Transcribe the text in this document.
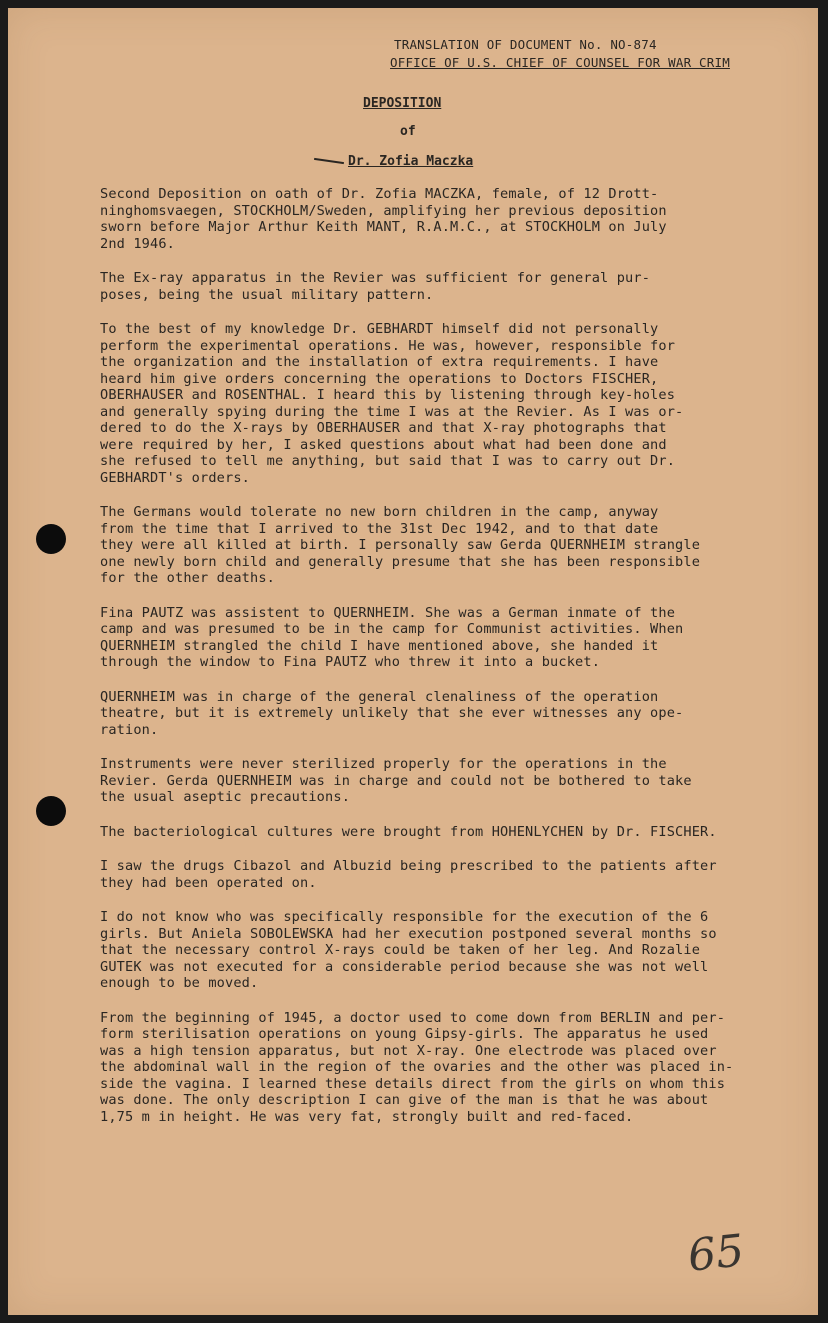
TRANSLATION OF DOCUMENT No. NO-874
OFFICE OF U.S. CHIEF OF COUNSEL FOR WAR CRIM
DEPOSITION
of
Dr. Zofia Maczka

Second Deposition on oath of Dr. Zofia MACZKA, female, of 12 Drott-
ninghomsvaegen, STOCKHOLM/Sweden, amplifying her previous deposition
sworn before Major Arthur Keith MANT, R.A.M.C., at STOCKHOLM on July
2nd 1946.

The Ex-ray apparatus in the Revier was sufficient for general pur-
poses, being the usual military pattern.

To the best of my knowledge Dr. GEBHARDT himself did not personally
perform the experimental operations. He was, however, responsible for
the organization and the installation of extra requirements. I have
heard him give orders concerning the operations to Doctors FISCHER,
OBERHAUSER and ROSENTHAL. I heard this by listening through key-holes
and generally spying during the time I was at the Revier. As I was or-
dered to do the X-rays by OBERHAUSER and that X-ray photographs that
were required by her, I asked questions about what had been done and
she refused to tell me anything, but said that I was to carry out Dr.
GEBHARDT's orders.

The Germans would tolerate no new born children in the camp, anyway
from the time that I arrived to the 31st Dec 1942, and to that date
they were all killed at birth. I personally saw Gerda QUERNHEIM strangle
one newly born child and generally presume that she has been responsible
for the other deaths.

Fina PAUTZ was assistent to QUERNHEIM. She was a German inmate of the
camp and was presumed to be in the camp for Communist activities. When
QUERNHEIM strangled the child I have mentioned above, she handed it
through the window to Fina PAUTZ who threw it into a bucket.

QUERNHEIM was in charge of the general clenaliness of the operation
theatre, but it is extremely unlikely that she ever witnesses any ope-
ration.

Instruments were never sterilized properly for the operations in the
Revier. Gerda QUERNHEIM was in charge and could not be bothered to take
the usual aseptic precautions.

The bacteriological cultures were brought from HOHENLYCHEN by Dr. FISCHER.

I saw the drugs Cibazol and Albuzid being prescribed to the patients after
they had been operated on.

I do not know who was specifically responsible for the execution of the 6
girls. But Aniela SOBOLEWSKA had her execution postponed several months so
that the necessary control X-rays could be taken of her leg. And Rozalie
GUTEK was not executed for a considerable period because she was not well
enough to be moved.

From the beginning of 1945, a doctor used to come down from BERLIN and per-
form sterilisation operations on young Gipsy-girls. The apparatus he used
was a high tension apparatus, but not X-ray. One electrode was placed over
the abdominal wall in the region of the ovaries and the other was placed in-
side the vagina. I learned these details direct from the girls on whom this
was done. The only description I can give of the man is that he was about
1,75 m in height. He was very fat, strongly built and red-faced.

65
